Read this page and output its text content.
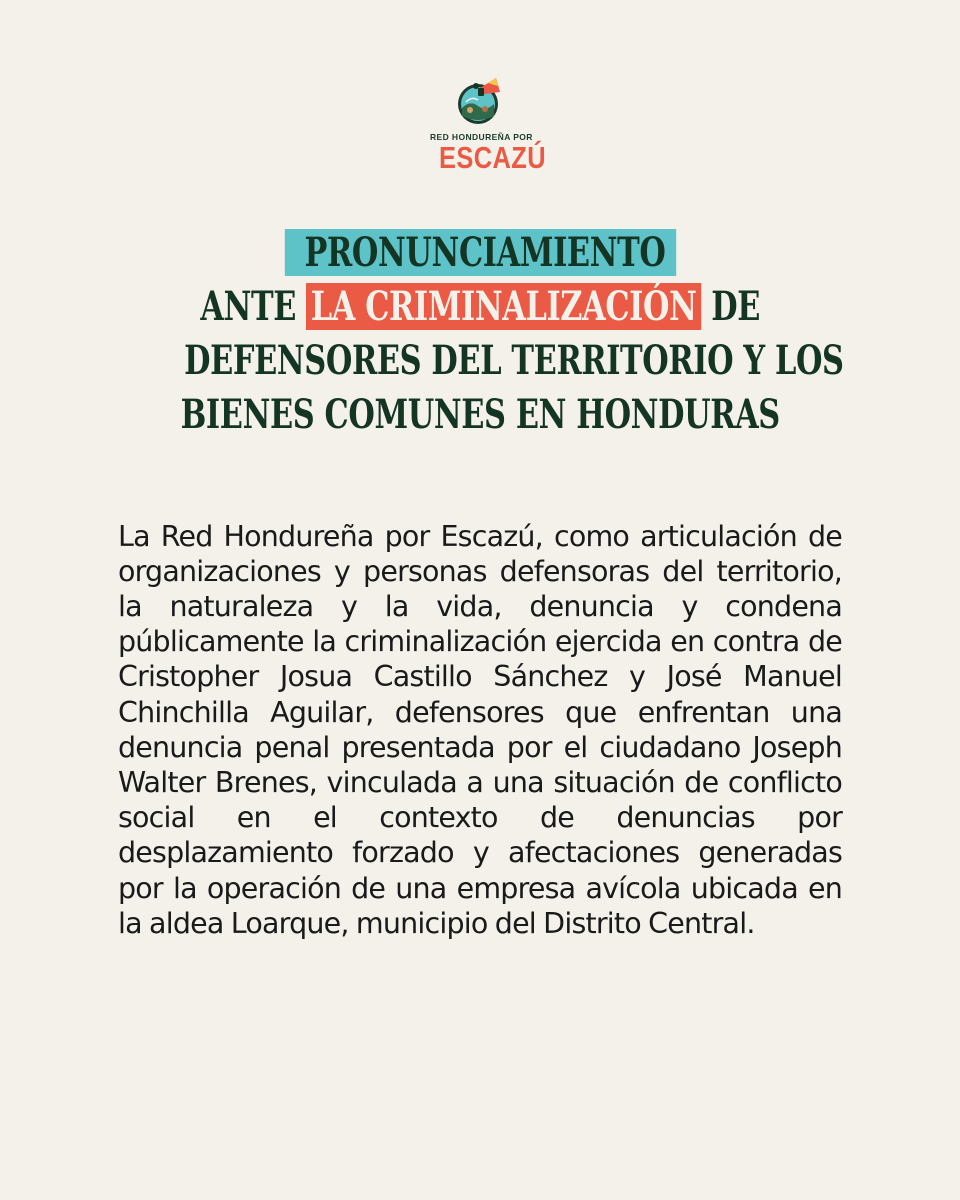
RED HONDUREÑA POR
ESCAZÚ
PRONUNCIAMIENTO
ANTE LA CRIMINALIZACIÓN DE
DEFENSORES DEL TERRITORIO Y LOS
BIENES COMUNES EN HONDURAS

La Red Hondureña por Escazú, como articulación de organizaciones y personas defensoras del territorio, la naturaleza y la vida, denuncia y condena públicamente la criminalización ejercida en contra de Cristopher Josua Castillo Sánchez y José Manuel Chinchilla Aguilar, defensores que enfrentan una denuncia penal presentada por el ciudadano Joseph Walter Brenes, vinculada a una situación de conflicto social en el contexto de denuncias por desplazamiento forzado y afectaciones generadas por la operación de una empresa avícola ubicada en la aldea Loarque, municipio del Distrito Central.
